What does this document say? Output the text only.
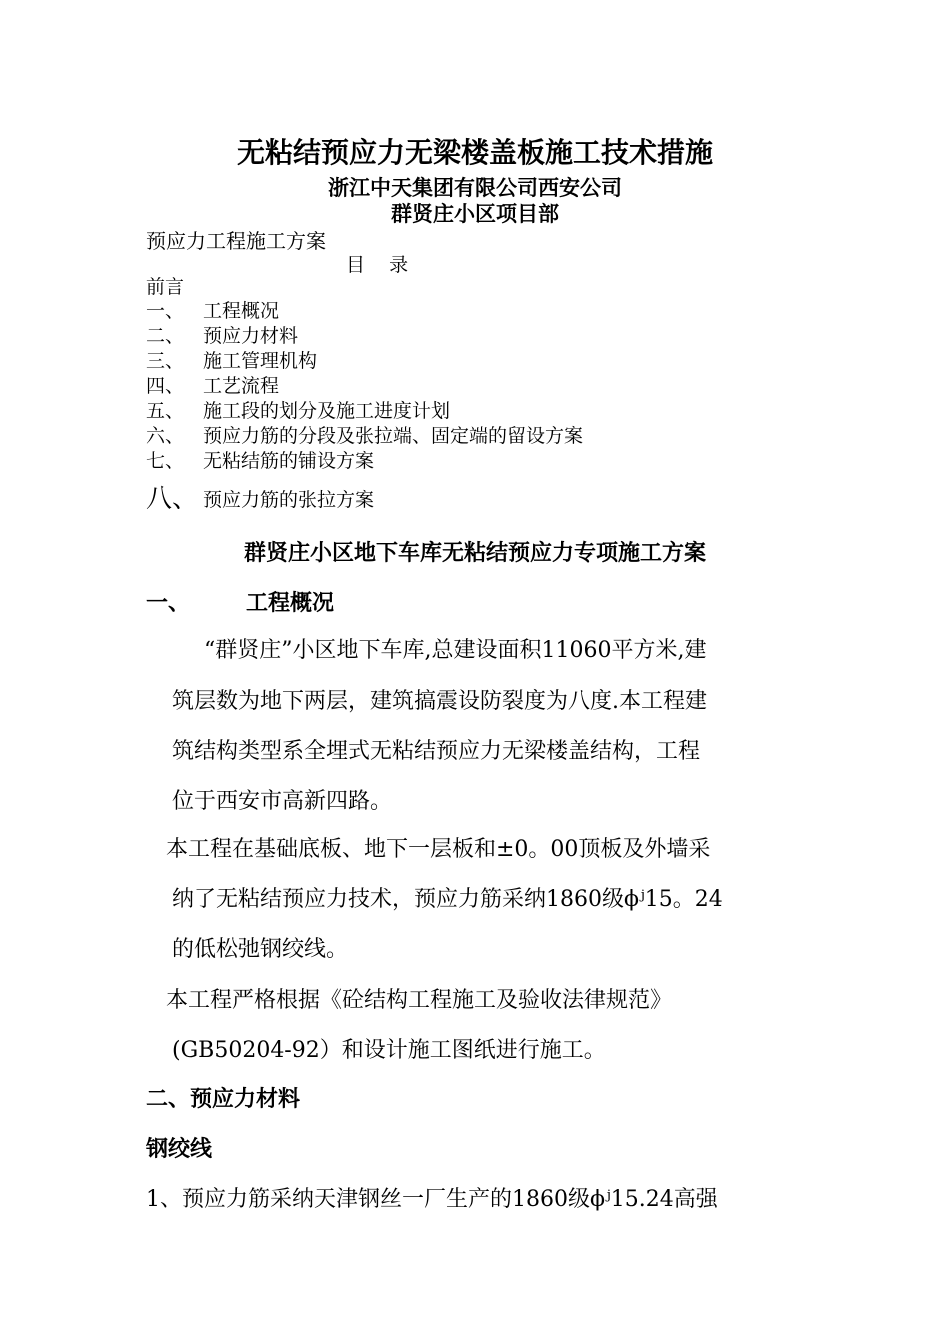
无粘结预应力无梁楼盖板施工技术措施
浙江中天集团有限公司西安公司
群贤庄小区项目部
预应力工程施工方案
目    录
前言
一、 工程概况
二、 预应力材料
三、 施工管理机构
四、 工艺流程
五、 施工段的划分及施工进度计划
六、 预应力筋的分段及张拉端、固定端的留设方案
七、 无粘结筋的铺设方案
八、 预应力筋的张拉方案
群贤庄小区地下车库无粘结预应力专项施工方案
一、	工程概况
“群贤庄”小区地下车库,总建设面积11060平方米,建
筑层数为地下两层，建筑搞震设防裂度为八度.本工程建
筑结构类型系全埋式无粘结预应力无梁楼盖结构，工程
位于西安市高新四路。
本工程在基础底板、地下一层板和±0。00顶板及外墙采
纳了无粘结预应力技术，预应力筋采纳1860级ϕʲ15。24
的低松弛钢绞线。
本工程严格根据《砼结构工程施工及验收法律规范》
(GB50204-92）和设计施工图纸进行施工。
二、预应力材料
钢绞线
1、预应力筋采纳天津钢丝一厂生产的1860级ϕʲ15.24高强
